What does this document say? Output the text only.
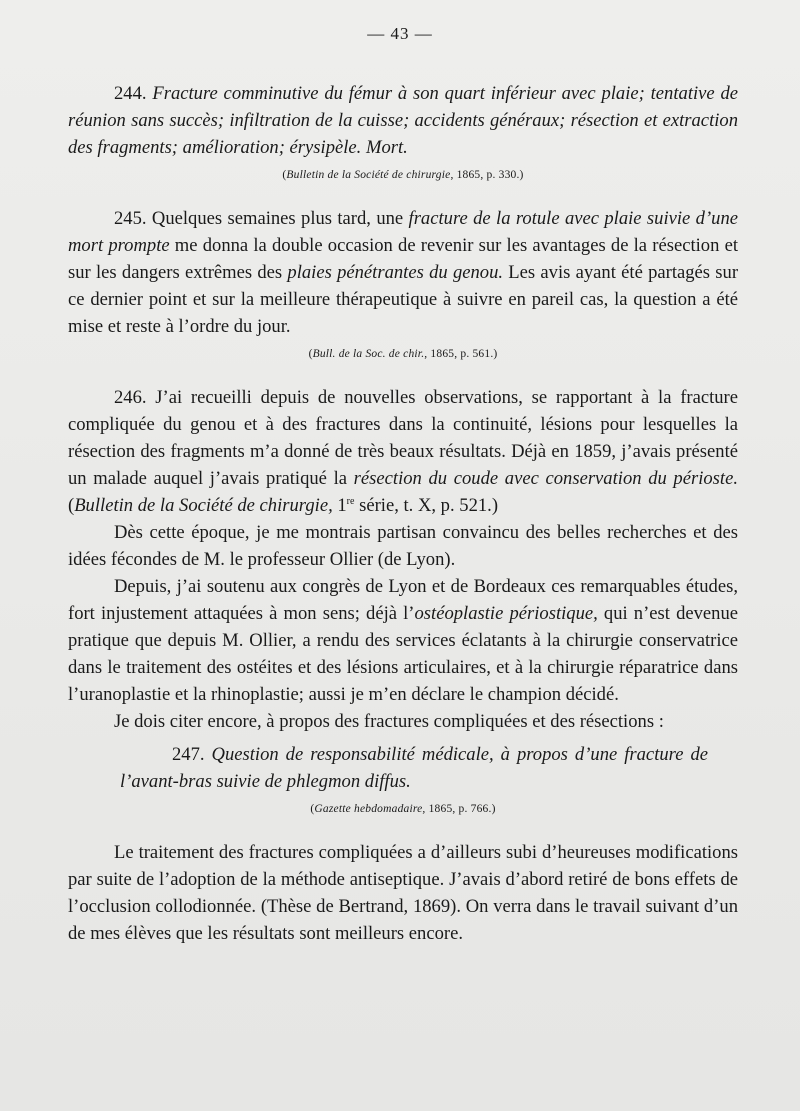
— 43 —

244. Fracture comminutive du fémur à son quart inférieur avec plaie; tentative de réunion sans succès; infiltration de la cuisse; accidents généraux; résection et extraction des fragments; amélioration; érysipèle. Mort.

(Bulletin de la Société de chirurgie, 1865, p. 330.)

245. Quelques semaines plus tard, une fracture de la rotule avec plaie suivie d’une mort prompte me donna la double occasion de revenir sur les avantages de la résection et sur les dangers extrêmes des plaies pénétrantes du genou. Les avis ayant été partagés sur ce dernier point et sur la meilleure thérapeutique à suivre en pareil cas, la question a été mise et reste à l’ordre du jour.

(Bull. de la Soc. de chir., 1865, p. 561.)

246. J’ai recueilli depuis de nouvelles observations, se rapportant à la fracture compliquée du genou et à des fractures dans la continuité, lésions pour lesquelles la résection des fragments m’a donné de très beaux résultats. Déjà en 1859, j’avais présenté un malade auquel j’avais pratiqué la résection du coude avec conservation du périoste. (Bulletin de la Société de chirurgie, 1re série, t. X, p. 521.)

Dès cette époque, je me montrais partisan convaincu des belles recherches et des idées fécondes de M. le professeur Ollier (de Lyon).

Depuis, j’ai soutenu aux congrès de Lyon et de Bordeaux ces remarquables études, fort injustement attaquées à mon sens; déjà l’ostéoplastie périostique, qui n’est devenue pratique que depuis M. Ollier, a rendu des services éclatants à la chirurgie conservatrice dans le traitement des ostéites et des lésions articulaires, et à la chirurgie réparatrice dans l’uranoplastie et la rhinoplastie; aussi je m’en déclare le champion décidé.

Je dois citer encore, à propos des fractures compliquées et des résections :

247. Question de responsabilité médicale, à propos d’une fracture de l’avant-bras suivie de phlegmon diffus.

(Gazette hebdomadaire, 1865, p. 766.)

Le traitement des fractures compliquées a d’ailleurs subi d’heureuses modifications par suite de l’adoption de la méthode antiseptique. J’avais d’abord retiré de bons effets de l’occlusion collodionnée. (Thèse de Bertrand, 1869). On verra dans le travail suivant d’un de mes élèves que les résultats sont meilleurs encore.
